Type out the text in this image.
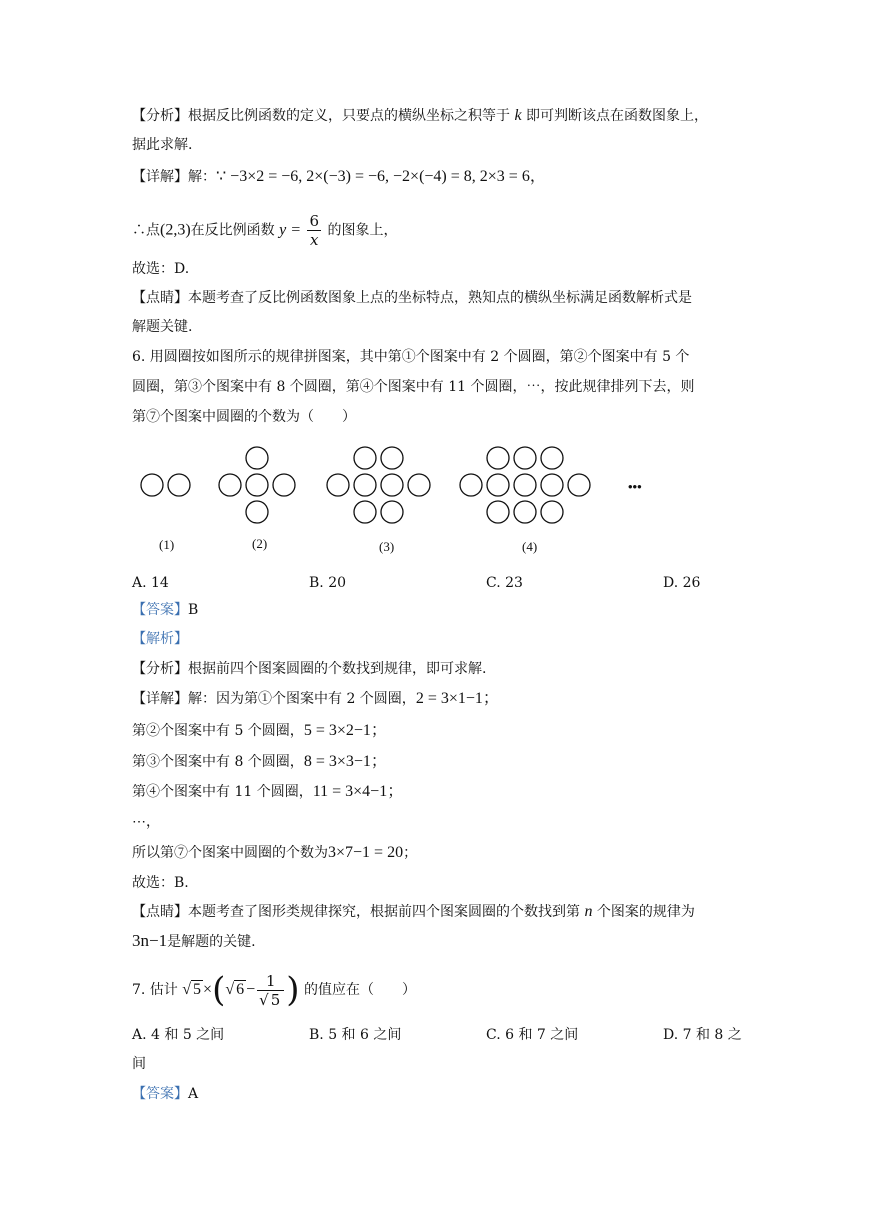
【分析】根据反比例函数的定义，只要点的横纵坐标之积等于 k 即可判断该点在函数图象上，
据此求解.
【详解】解：∵ −3×2 = −6, 2×(−3) = −6, −2×(−4) = 8, 2×3 = 6，
∴点(2,3)在反比例函数 $y = \frac{6}{x}$ 的图象上，
故选：D.
【点睛】本题考查了反比例函数图象上点的坐标特点，熟知点的横纵坐标满足函数解析式是
解题关键.
6. 用圆圈按如图所示的规律拼图案，其中第①个图案中有 2 个圆圈，第②个图案中有 5 个
圆圈，第③个图案中有 8 个圆圈，第④个图案中有 11 个圆圈，⋯，按此规律排列下去，则
第⑦个图案中圆圈的个数为（　　）
•••
(1)	(2)	(3)	(4)
A. 14	B. 20	C. 23	D. 26
【答案】B
【解析】
【分析】根据前四个图案圆圈的个数找到规律，即可求解.
【详解】解：因为第①个图案中有 2 个圆圈，2 = 3×1−1；
第②个图案中有 5 个圆圈，5 = 3×2−1；
第③个图案中有 8 个圆圈，8 = 3×3−1；
第④个图案中有 11 个圆圈，11 = 3×4−1；
⋯，
所以第⑦个图案中圆圈的个数为3×7−1 = 20；
故选：B.
【点睛】本题考查了图形类规律探究，根据前四个图案圆圈的个数找到第 n 个图案的规律为
3n−1是解题的关键.
7. 估计 √ 5 ×(√ $6 - \frac{1}{√ 5}$ ) 的值应在（　　）
A. 4 和 5 之间	B. 5 和 6 之间	C. 6 和 7 之间	D. 7 和 8 之
间
【答案】A
